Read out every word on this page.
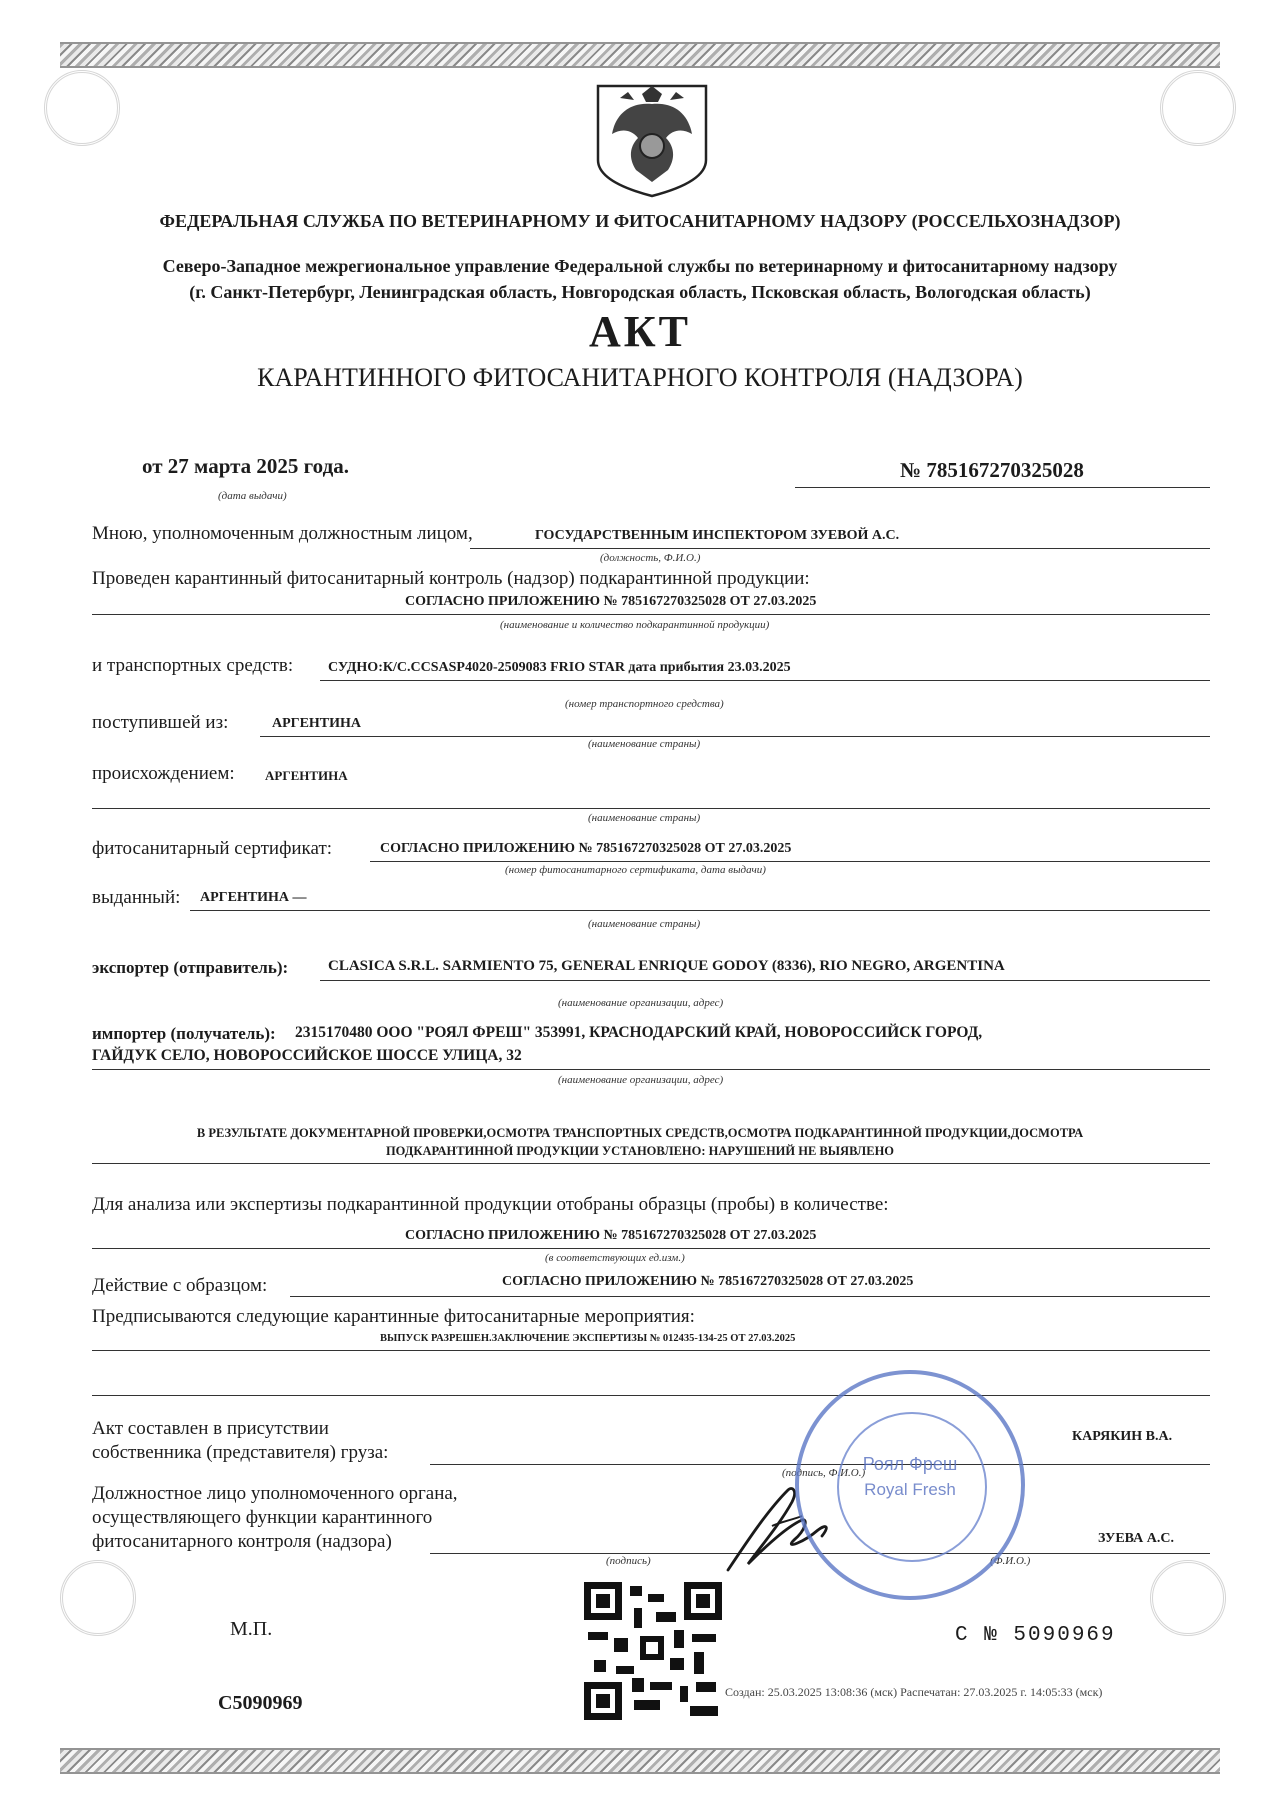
ФЕДЕРАЛЬНАЯ СЛУЖБА ПО ВЕТЕРИНАРНОМУ И ФИТОСАНИТАРНОМУ НАДЗОРУ (РОССЕЛЬХОЗНАДЗОР)
Северо-Западное межрегиональное управление Федеральной службы по ветеринарному и фитосанитарному надзору
(г. Санкт-Петербург, Ленинградская область, Новгородская область, Псковская область, Вологодская область)
АКТ
КАРАНТИННОГО ФИТОСАНИТАРНОГО КОНТРОЛЯ (НАДЗОРА)
от 27 марта 2025 года.
(дата выдачи)
№ 785167270325028
Мною, уполномоченным должностным лицом,	ГОСУДАРСТВЕННЫМ ИНСПЕКТОРОМ ЗУЕВОЙ А.С.
(должность, Ф.И.О.)
Проведен карантинный фитосанитарный контроль (надзор) подкарантинной продукции:
СОГЛАСНО ПРИЛОЖЕНИЮ № 785167270325028 ОТ 27.03.2025
(наименование и количество подкарантинной продукции)
и транспортных средств: СУДНО:К/С.CCSASP4020-2509083 FRIO STAR дата прибытия 23.03.2025
(номер транспортного средства)
поступившей из:	АРГЕНТИНА
(наименование страны)
происхождением: АРГЕНТИНА
(наименование страны)
фитосанитарный сертификат:	СОГЛАСНО ПРИЛОЖЕНИЮ № 785167270325028 ОТ 27.03.2025
(номер фитосанитарного сертификата, дата выдачи)
выданный: АРГЕНТИНА —
(наименование страны)
экспортер (отправитель):	CLASICA S.R.L. SARMIENTO 75, GENERAL ENRIQUE GODOY (8336), RIO NEGRO, ARGENTINA
(наименование организации, адрес)
импортер (получатель): 2315170480 ООО "РОЯЛ ФРЕШ" 353991, КРАСНОДАРСКИЙ КРАЙ, НОВОРОССИЙСК ГОРОД,
ГАЙДУК СЕЛО, НОВОРОССИЙСКОЕ ШОССЕ УЛИЦА, 32
(наименование организации, адрес)
В РЕЗУЛЬТАТЕ ДОКУМЕНТАРНОЙ ПРОВЕРКИ,ОСМОТРА ТРАНСПОРТНЫХ СРЕДСТВ,ОСМОТРА ПОДКАРАНТИННОЙ ПРОДУКЦИИ,ДОСМОТРА
ПОДКАРАНТИННОЙ ПРОДУКЦИИ УСТАНОВЛЕНО: НАРУШЕНИЙ НЕ ВЫЯВЛЕНО
Для анализа или экспертизы подкарантинной продукции отобраны образцы (пробы) в количестве:
СОГЛАСНО ПРИЛОЖЕНИЮ № 785167270325028 ОТ 27.03.2025
(в соответствующих ед.изм.)
Действие с образцом:	СОГЛАСНО ПРИЛОЖЕНИЮ № 785167270325028 ОТ 27.03.2025
Предписываются следующие карантинные фитосанитарные мероприятия:
ВЫПУСК РАЗРЕШЕН.ЗАКЛЮЧЕНИЕ ЭКСПЕРТИЗЫ № 012435-134-25 ОТ 27.03.2025
Акт составлен в присутствии
собственника (представителя) груза:
КАРЯКИН В.А.
(подпись, Ф.И.О.)
Должностное лицо уполномоченного органа,
осуществляющего функции карантинного
фитосанитарного контроля (надзора)	ЗУЕВА А.С.
(подпись)	(Ф.И.О.)
М.П.
Роял Фреш
Royal Fresh
C № 5090969
Создан: 25.03.2025 13:08:36 (мск) Распечатан: 27.03.2025 г. 14:05:33 (мск)
C5090969
